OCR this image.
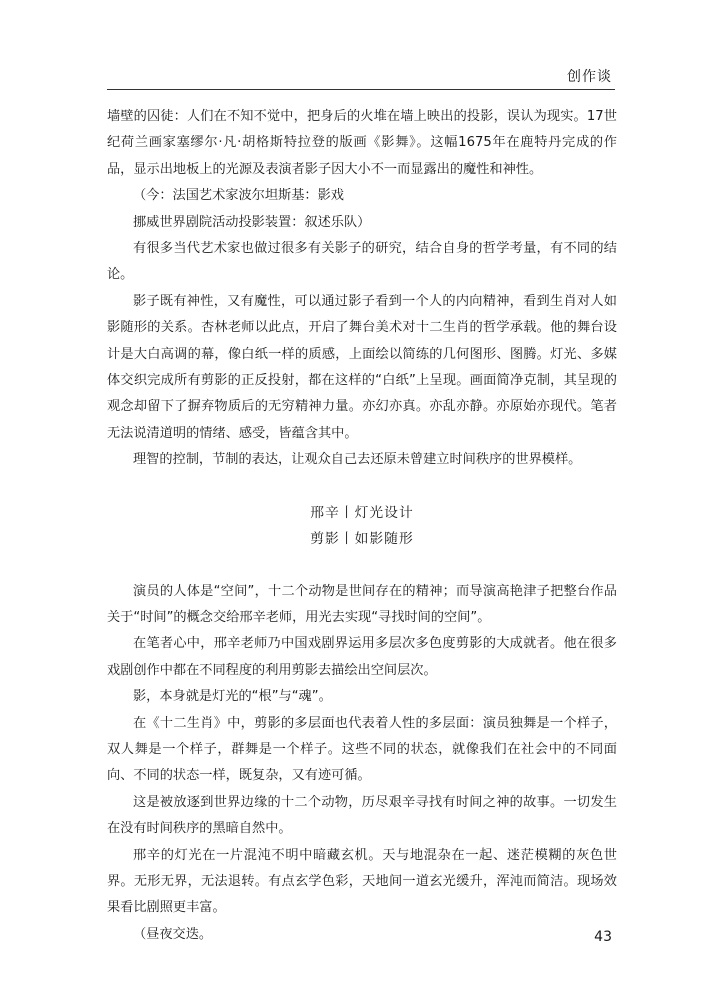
创作谈

墙壁的囚徒：人们在不知不觉中，把身后的火堆在墙上映出的投影，误认为现实。17世纪荷兰画家塞缪尔·凡·胡格斯特拉登的版画《影舞》。这幅1675年在鹿特丹完成的作品，显示出地板上的光源及表演者影子因大小不一而显露出的魔性和神性。

（今：法国艺术家波尔坦斯基：影戏

挪威世界剧院活动投影装置：叙述乐队）

有很多当代艺术家也做过很多有关影子的研究，结合自身的哲学考量，有不同的结论。

影子既有神性，又有魔性，可以通过影子看到一个人的内向精神，看到生肖对人如影随形的关系。杏林老师以此点，开启了舞台美术对十二生肖的哲学承载。他的舞台设计是大白高调的幕，像白纸一样的质感，上面绘以简练的几何图形、图腾。灯光、多媒体交织完成所有剪影的正反投射，都在这样的“白纸”上呈现。画面简净克制，其呈现的观念却留下了摒弃物质后的无穷精神力量。亦幻亦真。亦乱亦静。亦原始亦现代。笔者无法说清道明的情绪、感受，皆蕴含其中。

理智的控制，节制的表达，让观众自己去还原未曾建立时间秩序的世界模样。

邢辛丨灯光设计

剪影丨如影随形

演员的人体是“空间”，十二个动物是世间存在的精神；而导演高艳津子把整台作品关于“时间”的概念交给邢辛老师，用光去实现“寻找时间的空间”。

在笔者心中，邢辛老师乃中国戏剧界运用多层次多色度剪影的大成就者。他在很多戏剧创作中都在不同程度的利用剪影去描绘出空间层次。

影，本身就是灯光的“根”与“魂”。

在《十二生肖》中，剪影的多层面也代表着人性的多层面：演员独舞是一个样子，双人舞是一个样子，群舞是一个样子。这些不同的状态，就像我们在社会中的不同面向、不同的状态一样，既复杂，又有迹可循。

这是被放逐到世界边缘的十二个动物，历尽艰辛寻找有时间之神的故事。一切发生在没有时间秩序的黑暗自然中。

邢辛的灯光在一片混沌不明中暗藏玄机。天与地混杂在一起、迷茫模糊的灰色世界。无形无界，无法退转。有点玄学色彩，天地间一道玄光缓升，浑沌而简洁。现场效果看比剧照更丰富。

（昼夜交迭。	43
